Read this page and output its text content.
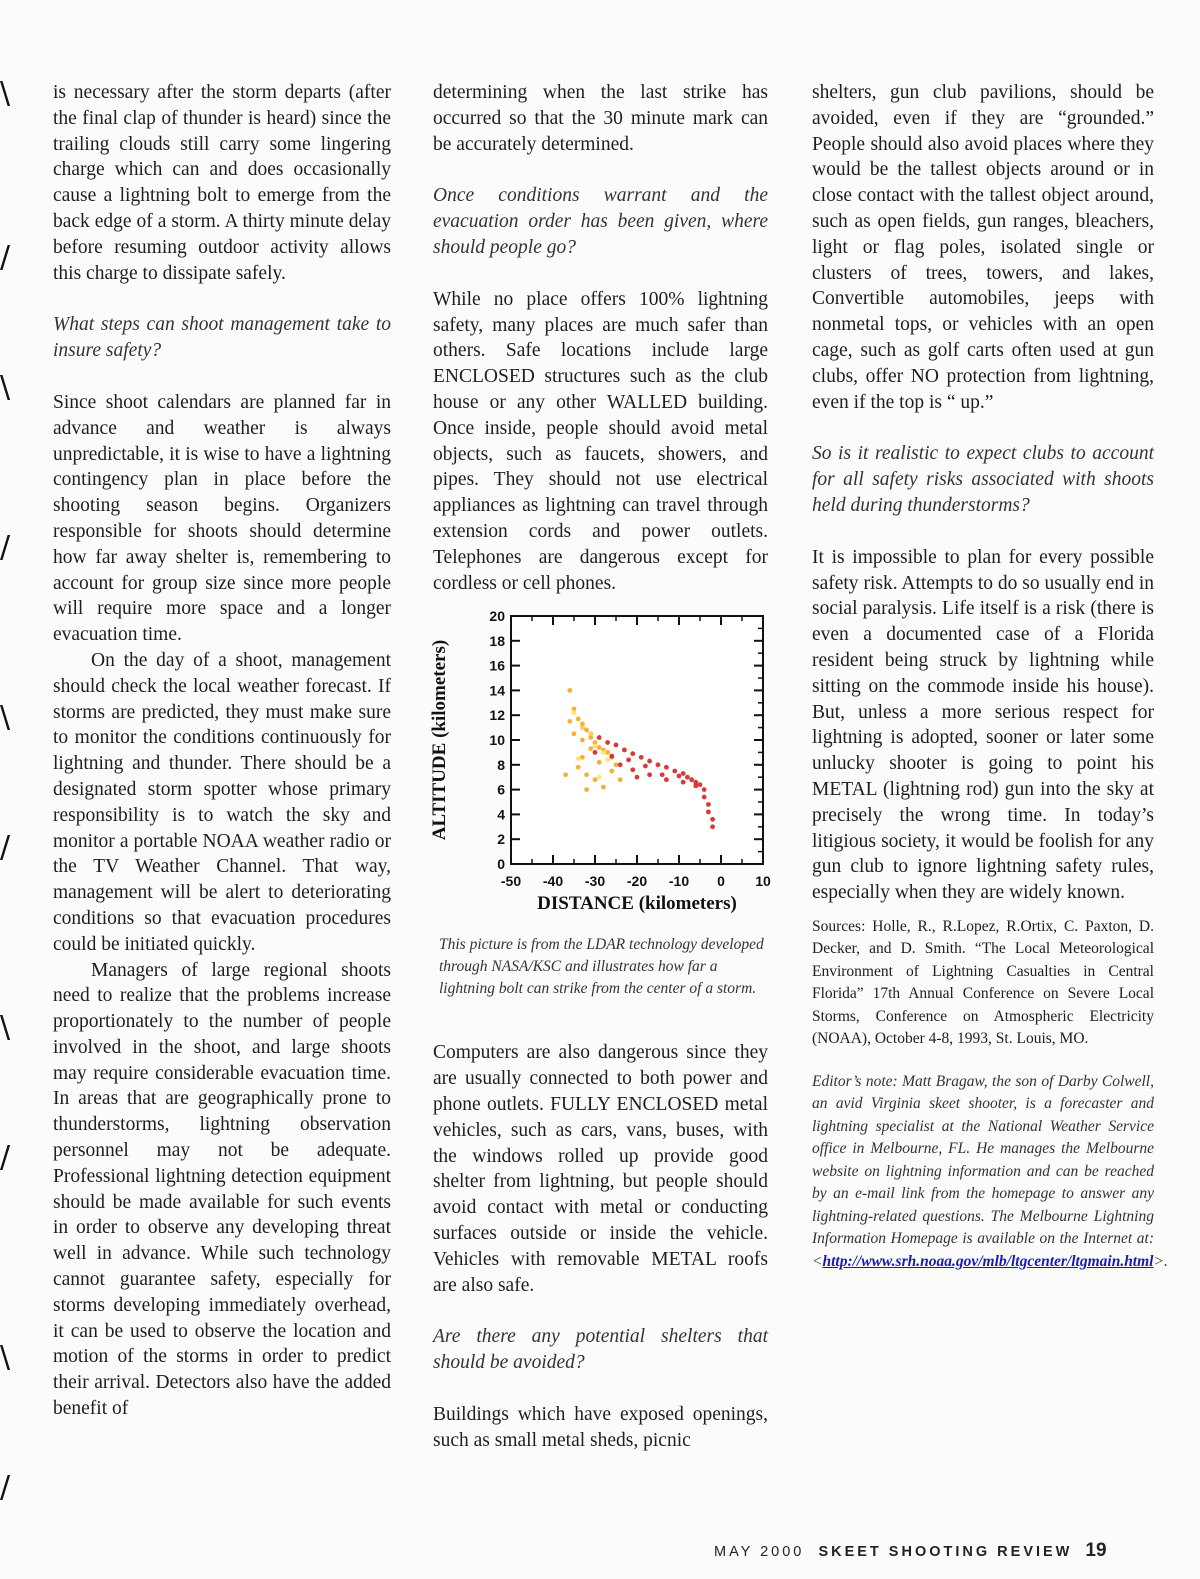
\
/
\
/
\
/
\
/
\
/

is necessary after the storm departs (after the final clap of thunder is heard) since the trailing clouds still carry some lingering charge which can and does occasionally cause a lightning bolt to emerge from the back edge of a storm. A thirty minute delay before resuming outdoor activity allows this charge to dissipate safely.

What steps can shoot management take to insure safety?

Since shoot calendars are planned far in advance and weather is always unpredictable, it is wise to have a lightning contingency plan in place before the shooting season begins. Organizers responsible for shoots should determine how far away shelter is, remembering to account for group size since more people will require more space and a longer evacuation time.

On the day of a shoot, management should check the local weather forecast. If storms are predicted, they must make sure to monitor the conditions continuously for lightning and thunder. There should be a designated storm spotter whose primary responsibility is to watch the sky and monitor a portable NOAA weather radio or the TV Weather Channel. That way, management will be alert to deteriorating conditions so that evacuation procedures could be initiated quickly.

Managers of large regional shoots need to realize that the problems increase proportionately to the number of people involved in the shoot, and large shoots may require considerable evacuation time. In areas that are geographically prone to thunderstorms, lightning observation personnel may not be adequate. Professional lightning detection equipment should be made available for such events in order to observe any developing threat well in advance. While such technology cannot guarantee safety, especially for storms developing immediately overhead, it can be used to observe the location and motion of the storms in order to predict their arrival. Detectors also have the added benefit of

determining when the last strike has occurred so that the 30 minute mark can be accurately determined.

Once conditions warrant and the evacuation order has been given, where should people go?

While no place offers 100% lightning safety, many places are much safer than others. Safe locations include large ENCLOSED structures such as the club house or any other WALLED building. Once inside, people should avoid metal objects, such as faucets, showers, and pipes. They should not use electrical appliances as lightning can travel through extension cords and power outlets. Telephones are dangerous except for cordless or cell phones.

-50 -40 -30 -20 -10 0 10
0
2
4
6
8
10
12
14
16
18
20
DISTANCE (kilometers)
ALTITUDE (kilometers)
This picture is from the LDAR technology developed through NASA/KSC and illustrates how far a lightning bolt can strike from the center of a storm.

Computers are also dangerous since they are usually connected to both power and phone outlets. FULLY ENCLOSED metal vehicles, such as cars, vans, buses, with the windows rolled up provide good shelter from lightning, but people should avoid contact with metal or conducting surfaces outside or inside the vehicle. Vehicles with removable METAL roofs are also safe.

Are there any potential shelters that should be avoided?

Buildings which have exposed openings, such as small metal sheds, picnic

shelters, gun club pavilions, should be avoided, even if they are “grounded.” People should also avoid places where they would be the tallest objects around or in close contact with the tallest object around, such as open fields, gun ranges, bleachers, light or flag poles, isolated single or clusters of trees, towers, and lakes, Convertible automobiles, jeeps with nonmetal tops, or vehicles with an open cage, such as golf carts often used at gun clubs, offer NO protection from lightning, even if the top is “ up.”

So is it realistic to expect clubs to account for all safety risks associated with shoots held during thunderstorms?

It is impossible to plan for every possible safety risk. Attempts to do so usually end in social paralysis. Life itself is a risk (there is even a documented case of a Florida resident being struck by lightning while sitting on the commode inside his house). But, unless a more serious respect for lightning is adopted, sooner or later some unlucky shooter is going to point his METAL (lightning rod) gun into the sky at precisely the wrong time. In today’s litigious society, it would be foolish for any gun club to ignore lightning safety rules, especially when they are widely known.

Sources: Holle, R., R.Lopez, R.Ortix, C. Paxton, D. Decker, and D. Smith. “The Local Meteorological Environment of Lightning Casualties in Central Florida” 17th Annual Conference on Severe Local Storms, Conference on Atmospheric Electricity (NOAA), October 4-8, 1993, St. Louis, MO.
Editor’s note: Matt Bragaw, the son of Darby Colwell, an avid Virginia skeet shooter, is a forecaster and lightning specialist at the National Weather Service office in Melbourne, FL. He manages the Melbourne website on lightning information and can be reached by an e-mail link from the homepage to answer any lightning-related questions. The Melbourne Lightning Information Homepage is available on the Internet at: <http://www.srh.noaa.gov/mlb/ltgcenter/ltgmain.html>.
MAY 2000 SKEET SHOOTING REVIEW 19
